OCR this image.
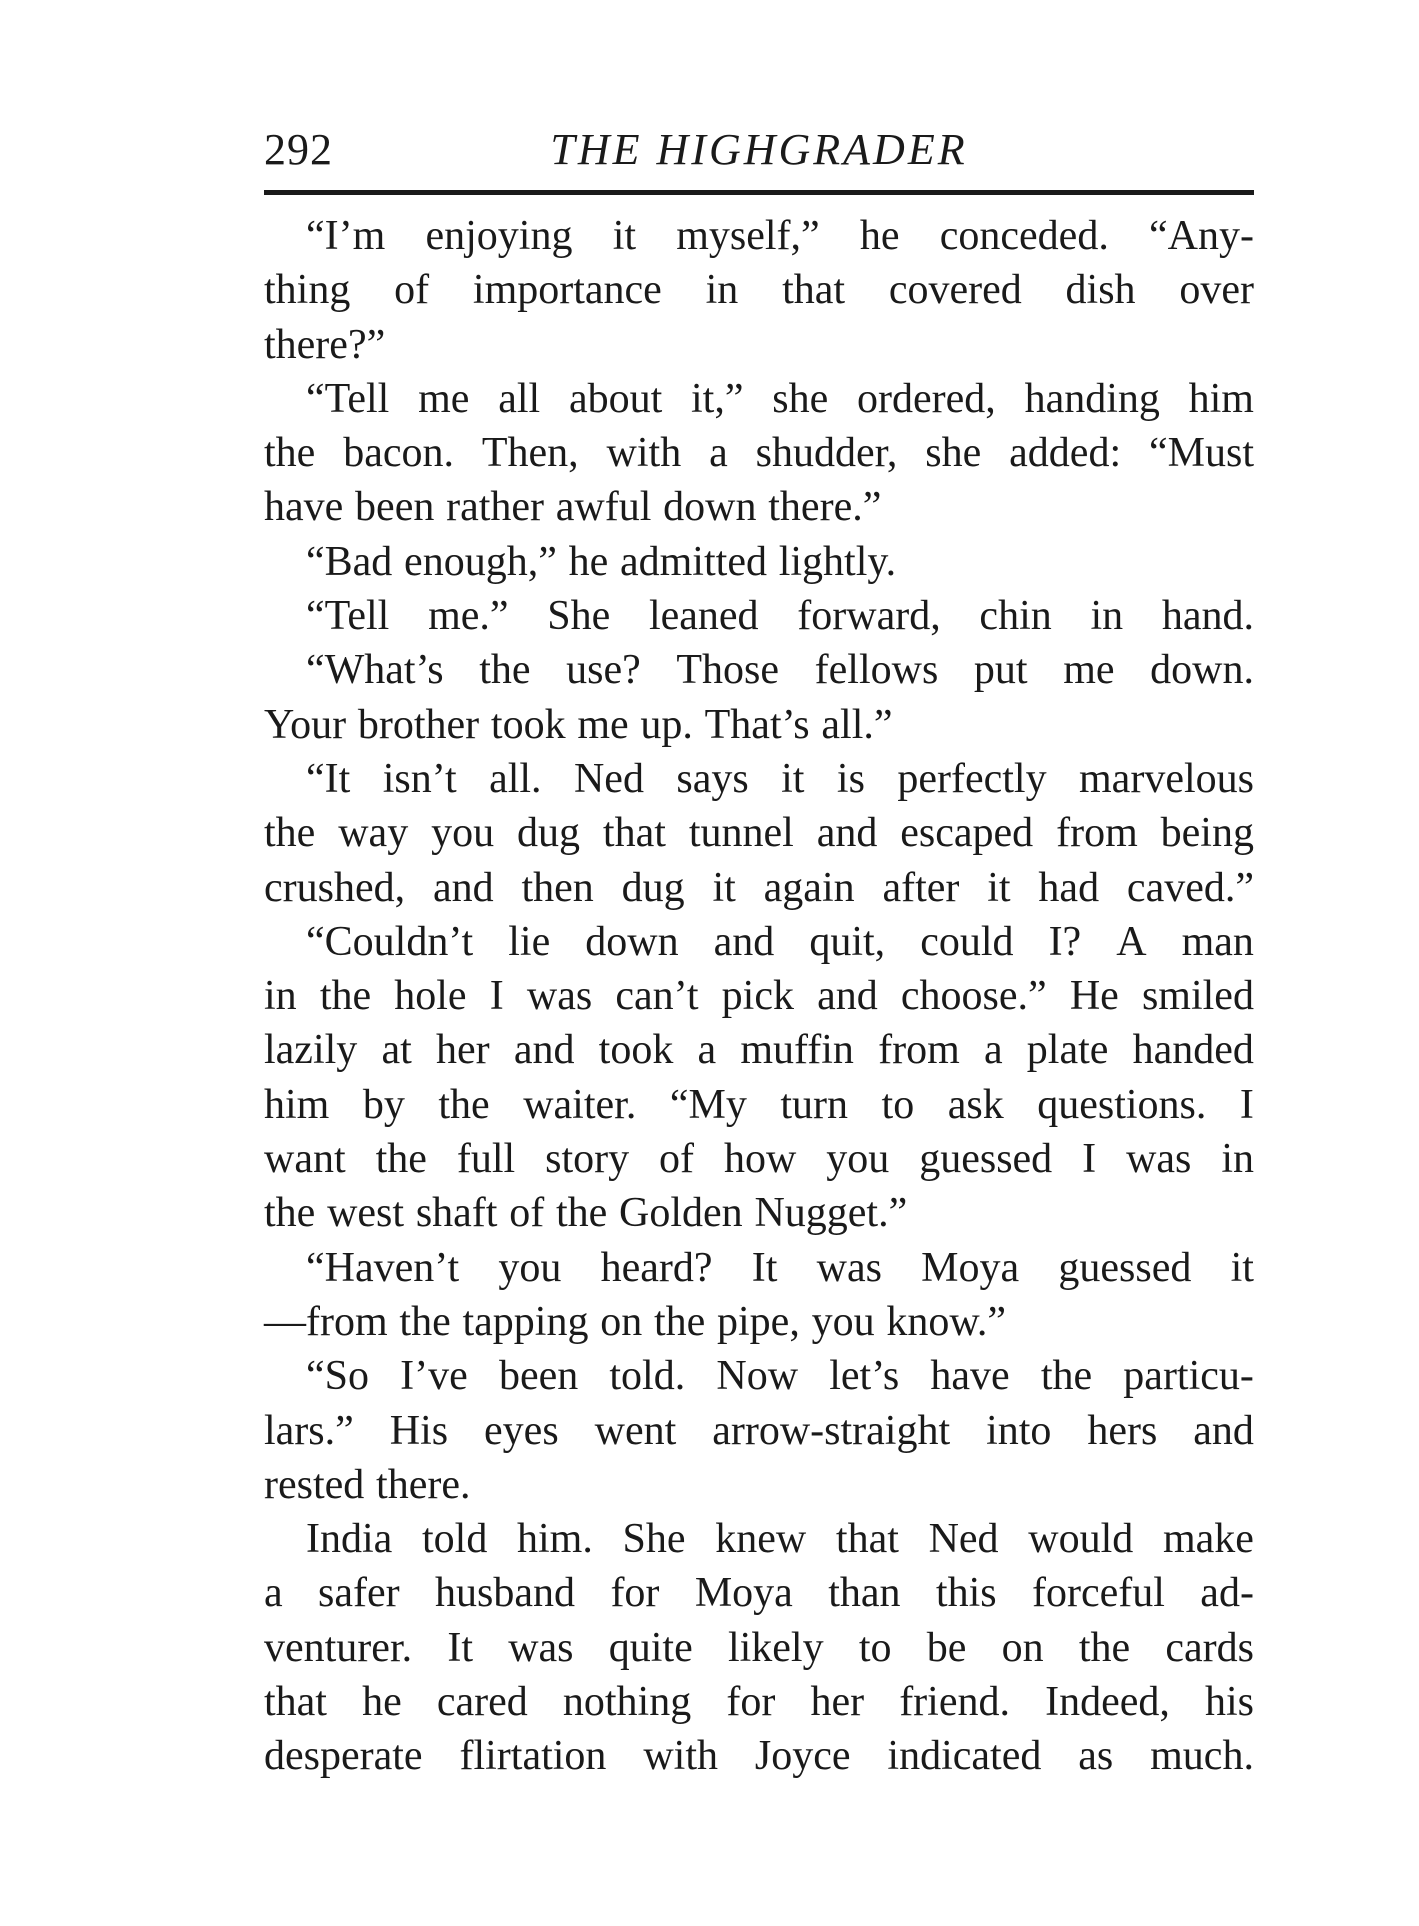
292	THE HIGHGRADER
“I’m enjoying it myself,” he conceded. “Any-
thing of importance in that covered dish over
there?”
“Tell me all about it,” she ordered, handing him
the bacon. Then, with a shudder, she added: “Must
have been rather awful down there.”
“Bad enough,” he admitted lightly.
“Tell me.” She leaned forward, chin in hand.
“What’s the use? Those fellows put me down.
Your brother took me up. That’s all.”
“It isn’t all. Ned says it is perfectly marvelous
the way you dug that tunnel and escaped from being
crushed, and then dug it again after it had caved.”
“Couldn’t lie down and quit, could I? A man
in the hole I was can’t pick and choose.” He smiled
lazily at her and took a muffin from a plate handed
him by the waiter. “My turn to ask questions. I
want the full story of how you guessed I was in
the west shaft of the Golden Nugget.”
“Haven’t you heard? It was Moya guessed it
—from the tapping on the pipe, you know.”
“So I’ve been told. Now let’s have the particu-
lars.” His eyes went arrow-straight into hers and
rested there.
India told him. She knew that Ned would make
a safer husband for Moya than this forceful ad-
venturer. It was quite likely to be on the cards
that he cared nothing for her friend. Indeed, his
desperate flirtation with Joyce indicated as much.
